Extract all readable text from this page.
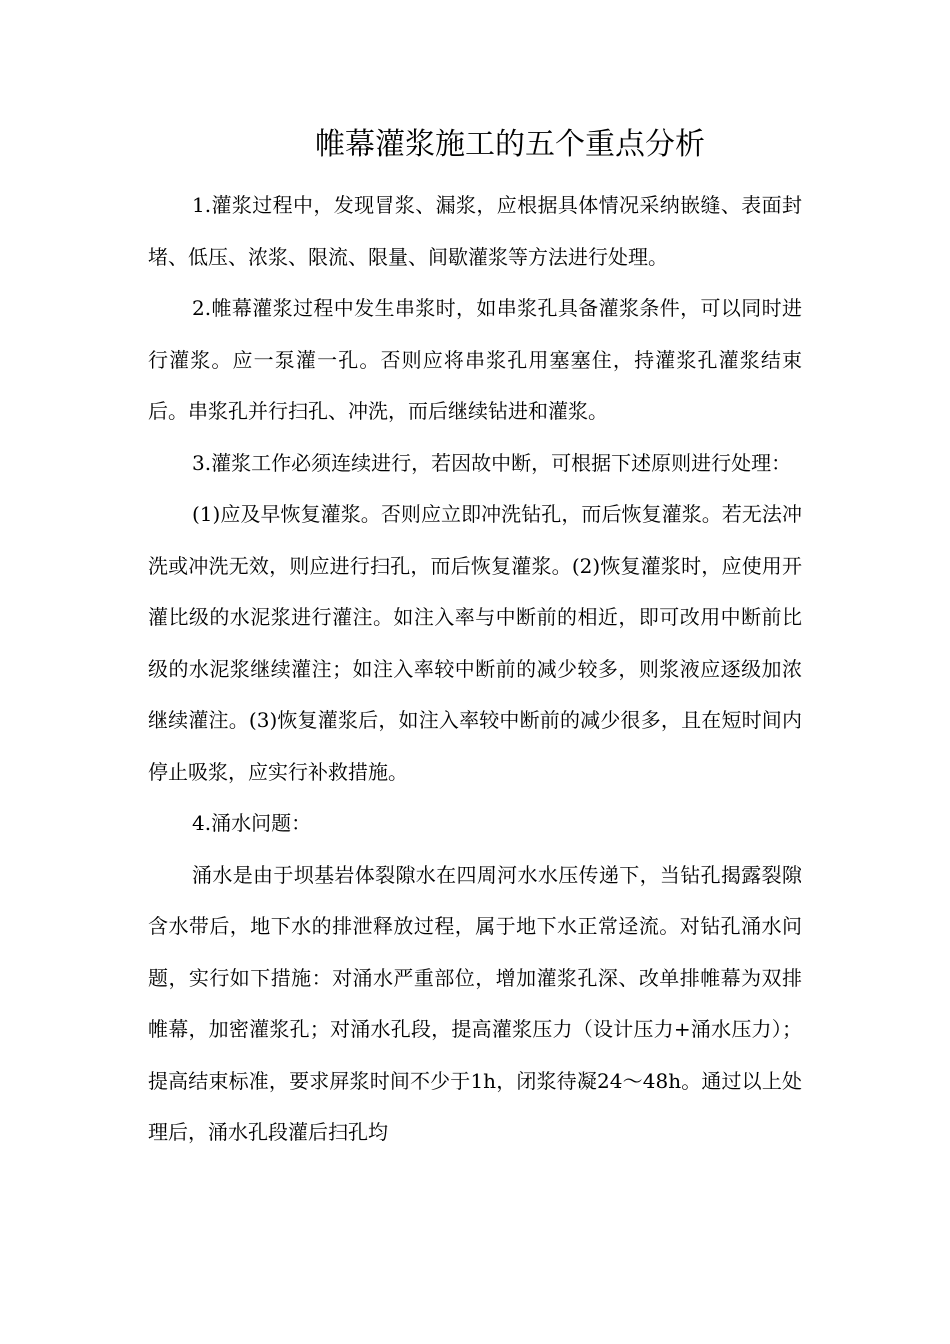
帷幕灌浆施工的五个重点分析

1.灌浆过程中，发现冒浆、漏浆，应根据具体情况采纳嵌缝、表面封堵、低压、浓浆、限流、限量、间歇灌浆等方法进行处理。

2.帷幕灌浆过程中发生串浆时，如串浆孔具备灌浆条件，可以同时进行灌浆。应一泵灌一孔。否则应将串浆孔用塞塞住，持灌浆孔灌浆结束后。串浆孔并行扫孔、冲洗，而后继续钻进和灌浆。

3.灌浆工作必须连续进行，若因故中断，可根据下述原则进行处理：

(1)应及早恢复灌浆。否则应立即冲洗钻孔，而后恢复灌浆。若无法冲洗或冲洗无效，则应进行扫孔，而后恢复灌浆。(2)恢复灌浆时，应使用开灌比级的水泥浆进行灌注。如注入率与中断前的相近，即可改用中断前比级的水泥浆继续灌注；如注入率较中断前的减少较多，则浆液应逐级加浓继续灌注。(3)恢复灌浆后，如注入率较中断前的减少很多，且在短时间内停止吸浆，应实行补救措施。

4.涌水问题：

涌水是由于坝基岩体裂隙水在四周河水水压传递下，当钻孔揭露裂隙含水带后，地下水的排泄释放过程，属于地下水正常迳流。对钻孔涌水问题，实行如下措施：对涌水严重部位，增加灌浆孔深、改单排帷幕为双排帷幕，加密灌浆孔；对涌水孔段，提高灌浆压力（设计压力+涌水压力）；提高结束标准，要求屏浆时间不少于1h，闭浆待凝24～48h。通过以上处理后，涌水孔段灌后扫孔均
